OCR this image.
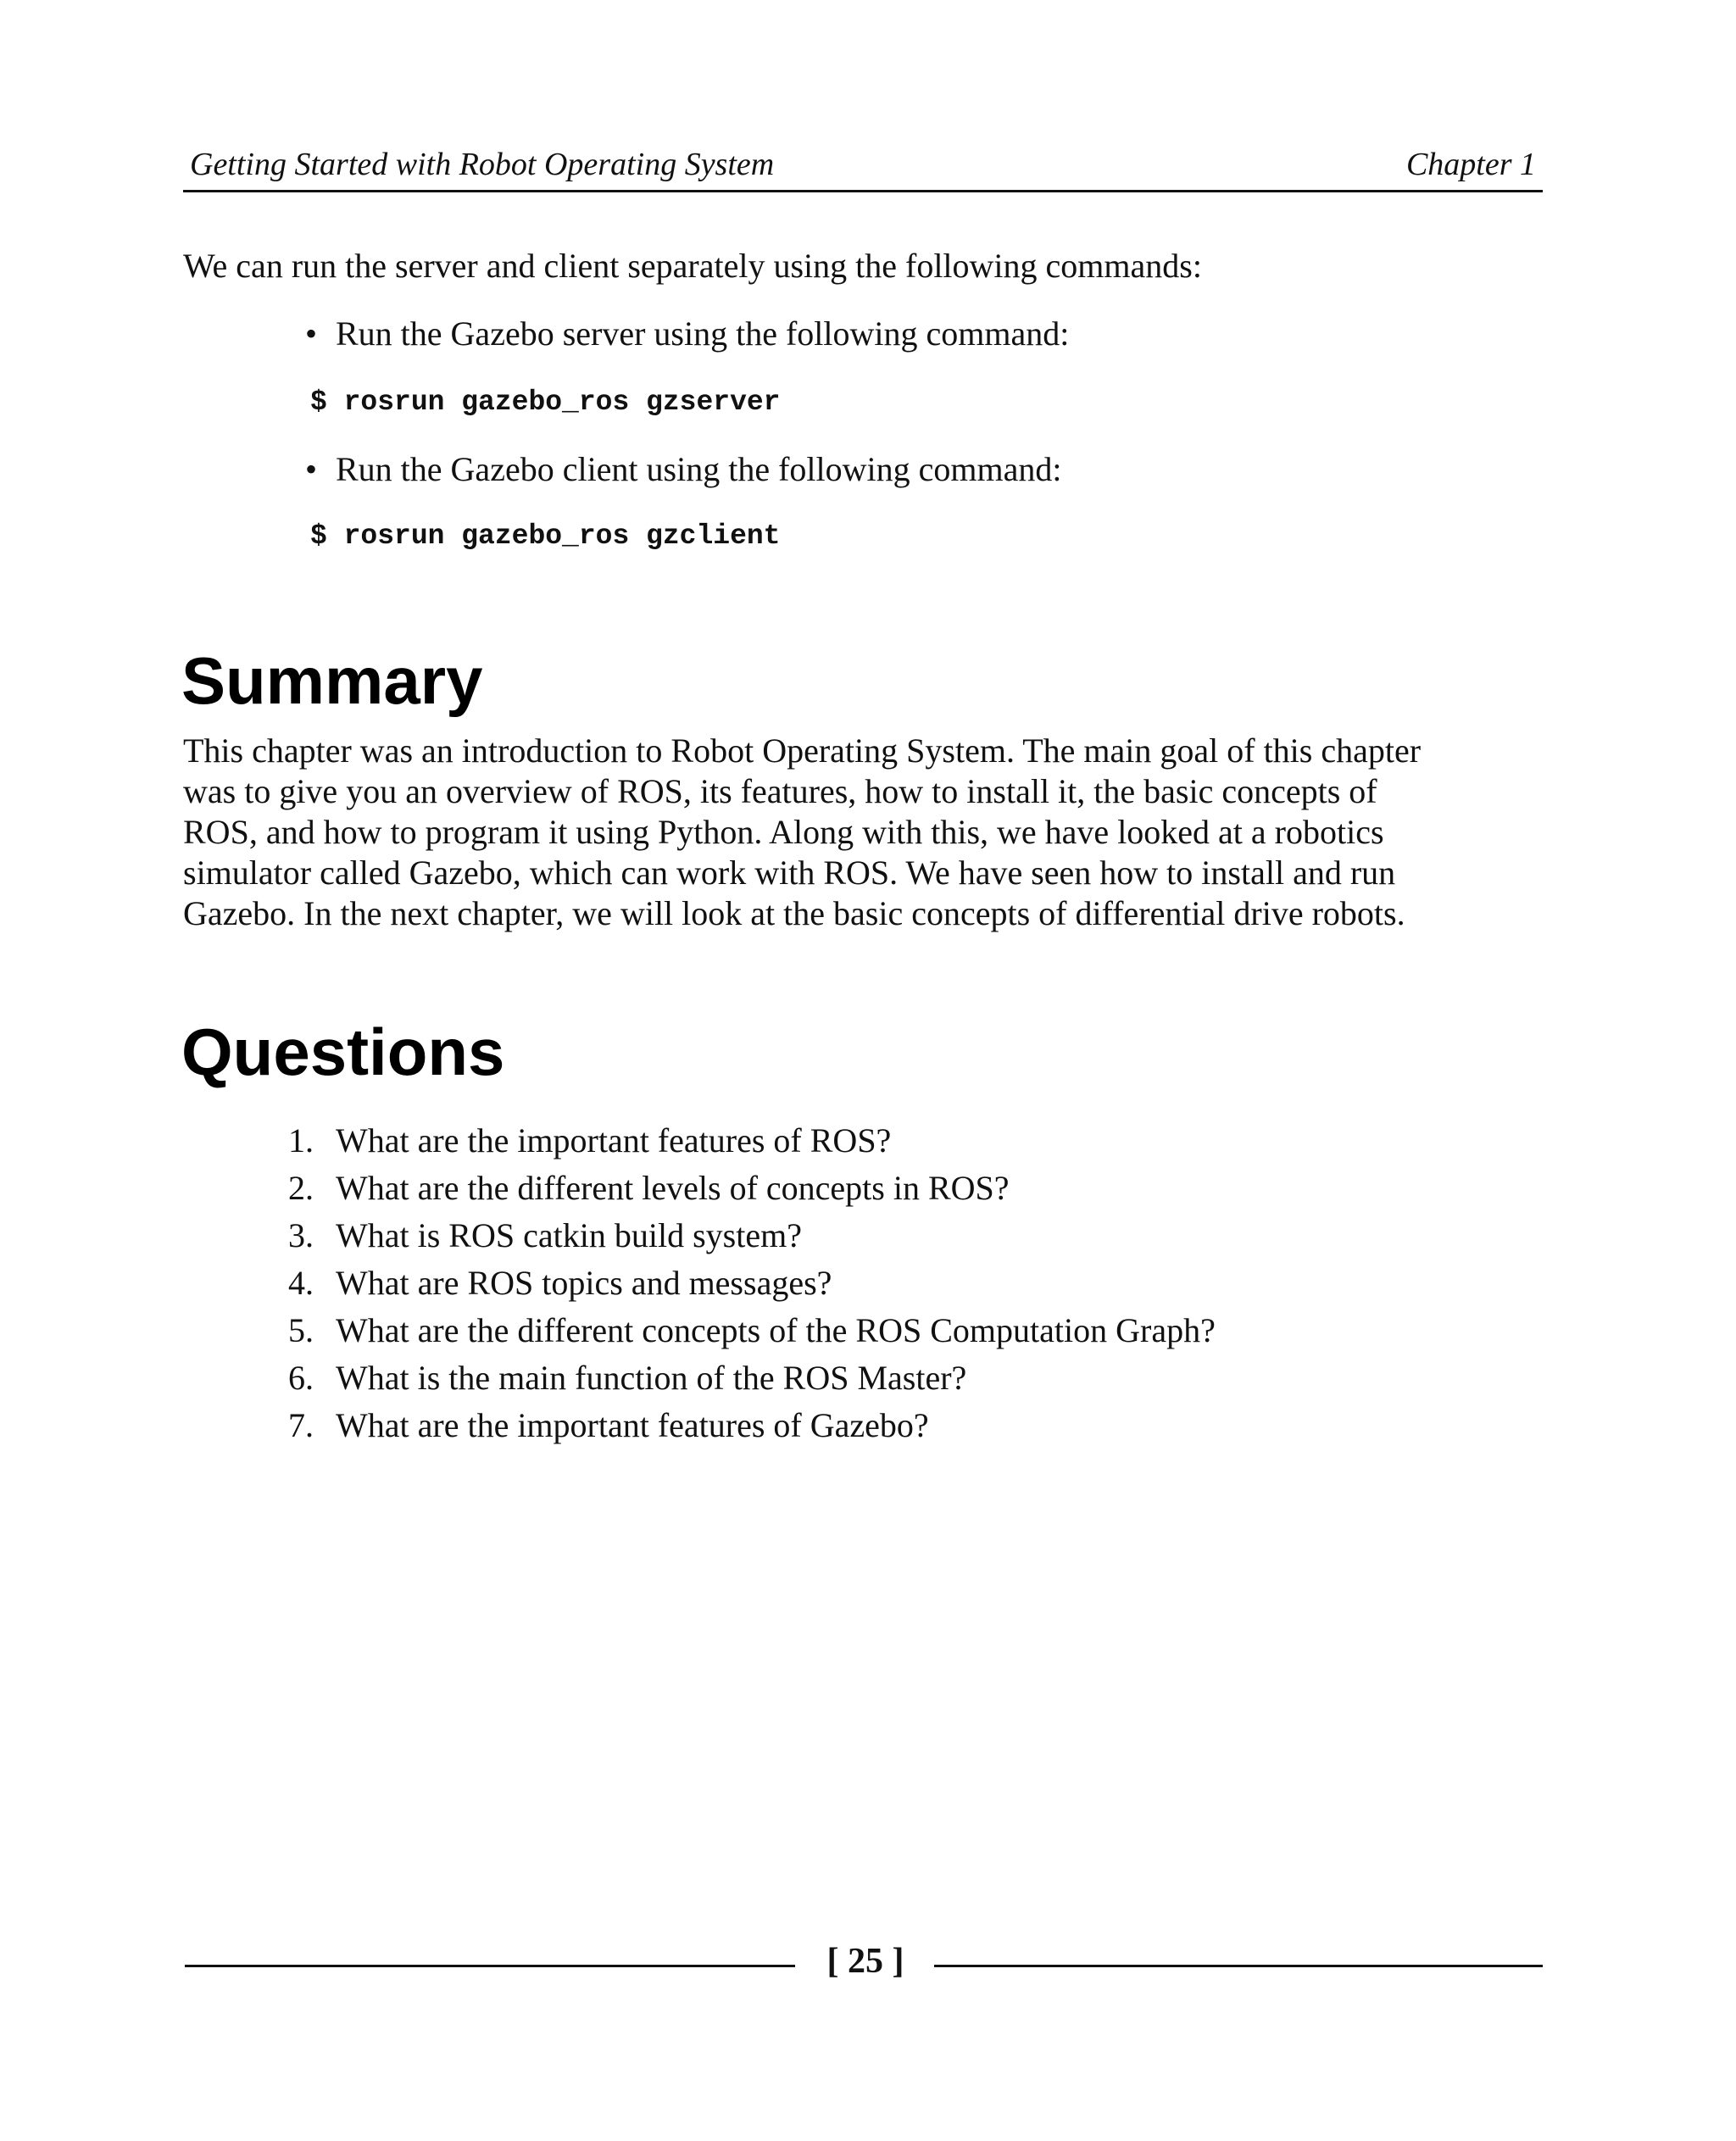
Getting Started with Robot Operating System	Chapter 1
We can run the server and client separately using the following commands:
• Run the Gazebo server using the following command:
$ rosrun gazebo_ros gzserver
• Run the Gazebo client using the following command:
$ rosrun gazebo_ros gzclient
Summary
This chapter was an introduction to Robot Operating System. The main goal of this chapter
was to give you an overview of ROS, its features, how to install it, the basic concepts of
ROS, and how to program it using Python. Along with this, we have looked at a robotics
simulator called Gazebo, which can work with ROS. We have seen how to install and run
Gazebo. In the next chapter, we will look at the basic concepts of differential drive robots.
Questions
1. What are the important features of ROS?
2. What are the different levels of concepts in ROS?
3. What is ROS catkin build system?
4. What are ROS topics and messages?
5. What are the different concepts of the ROS Computation Graph?
6. What is the main function of the ROS Master?
7. What are the important features of Gazebo?
[ 25 ]
